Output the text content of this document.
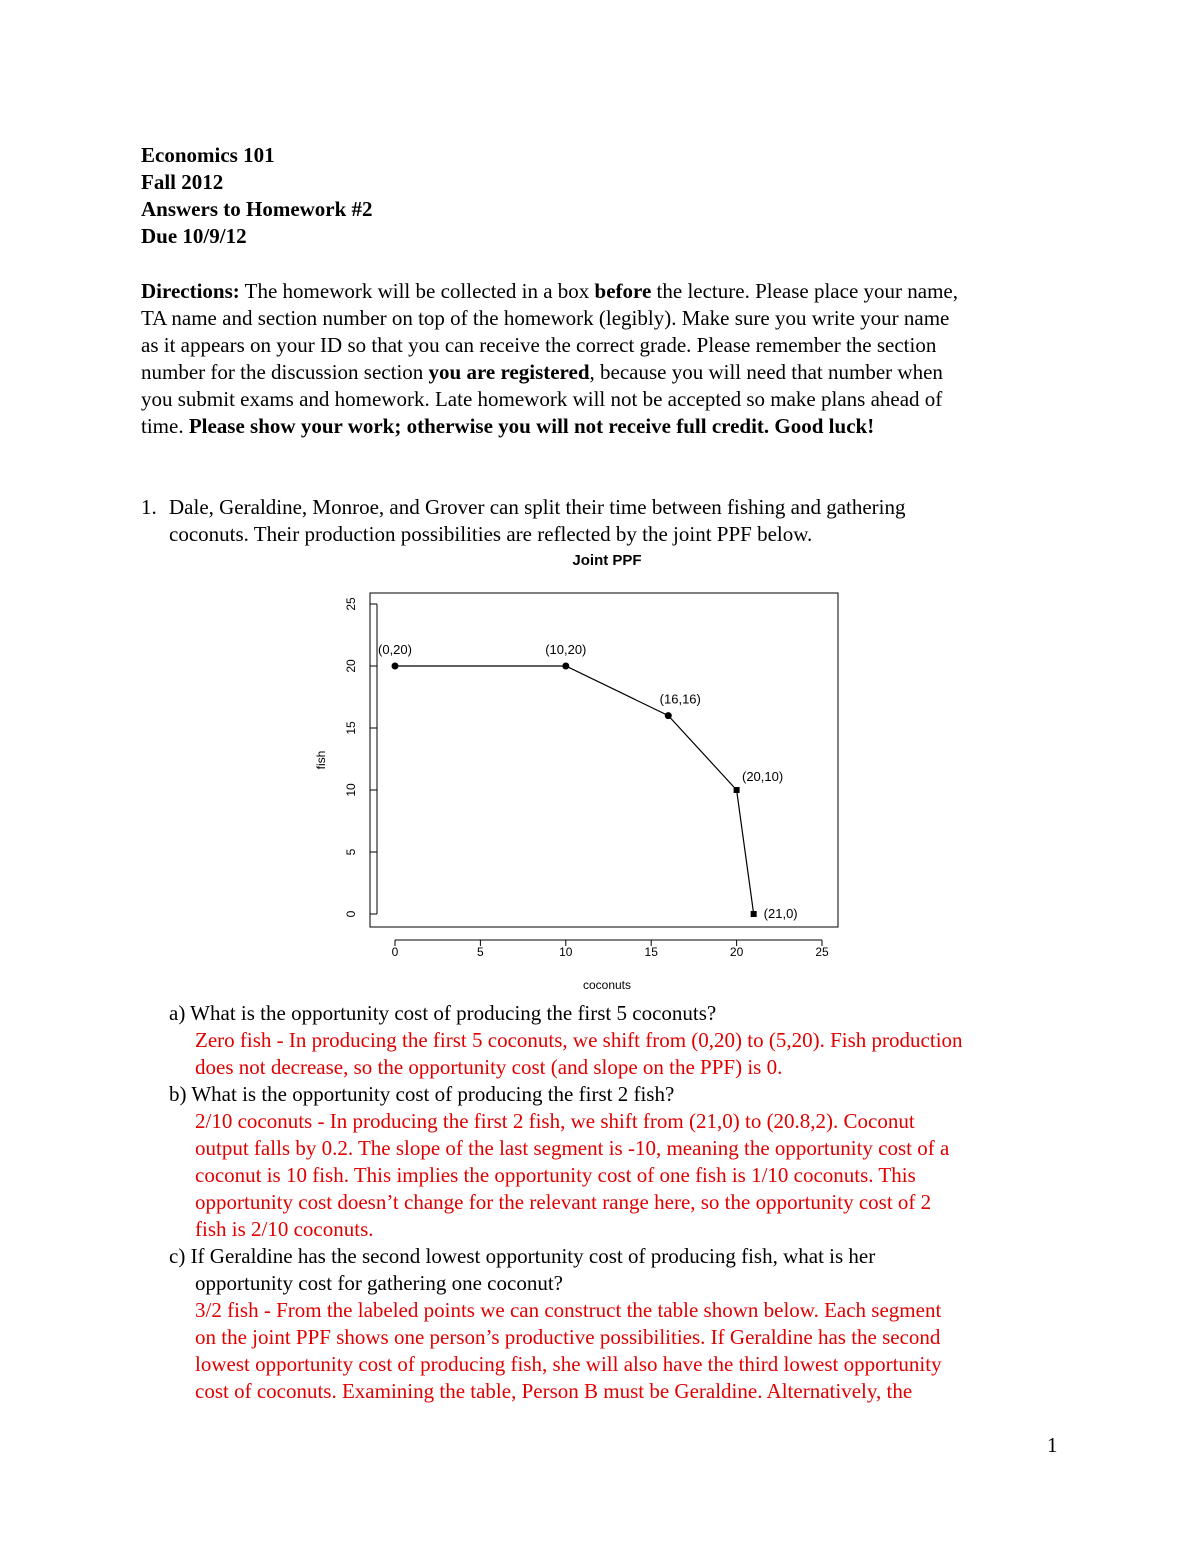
Economics 101
Fall 2012
Answers to Homework #2
Due 10/9/12
Directions: The homework will be collected in a box before the lecture. Please place your name,
TA name and section number on top of the homework (legibly). Make sure you write your name
as it appears on your ID so that you can receive the correct grade. Please remember the section
number for the discussion section you are registered, because you will need that number when
you submit exams and homework. Late homework will not be accepted so make plans ahead of
time. Please show your work; otherwise you will not receive full credit. Good luck!
1. Dale, Geraldine, Monroe, and Grover can split their time between fishing and gathering
coconuts. Their production possibilities are reflected by the joint PPF below.
Joint PPF
0	5	10	15	20	25
0
5
10
15
20
25
coconuts
fish
(0,20)	(10,20)
(16,16)
(20,10)
(21,0)
a) What is the opportunity cost of producing the first 5 coconuts?
Zero fish - In producing the first 5 coconuts, we shift from (0,20) to (5,20). Fish production
does not decrease, so the opportunity cost (and slope on the PPF) is 0.
b) What is the opportunity cost of producing the first 2 fish?
2/10 coconuts - In producing the first 2 fish, we shift from (21,0) to (20.8,2). Coconut
output falls by 0.2. The slope of the last segment is -10, meaning the opportunity cost of a
coconut is 10 fish. This implies the opportunity cost of one fish is 1/10 coconuts. This
opportunity cost doesn’t change for the relevant range here, so the opportunity cost of 2
fish is 2/10 coconuts.
c) If Geraldine has the second lowest opportunity cost of producing fish, what is her
opportunity cost for gathering one coconut?
3/2 fish - From the labeled points we can construct the table shown below. Each segment
on the joint PPF shows one person’s productive possibilities. If Geraldine has the second
lowest opportunity cost of producing fish, she will also have the third lowest opportunity
cost of coconuts. Examining the table, Person B must be Geraldine. Alternatively, the
1
